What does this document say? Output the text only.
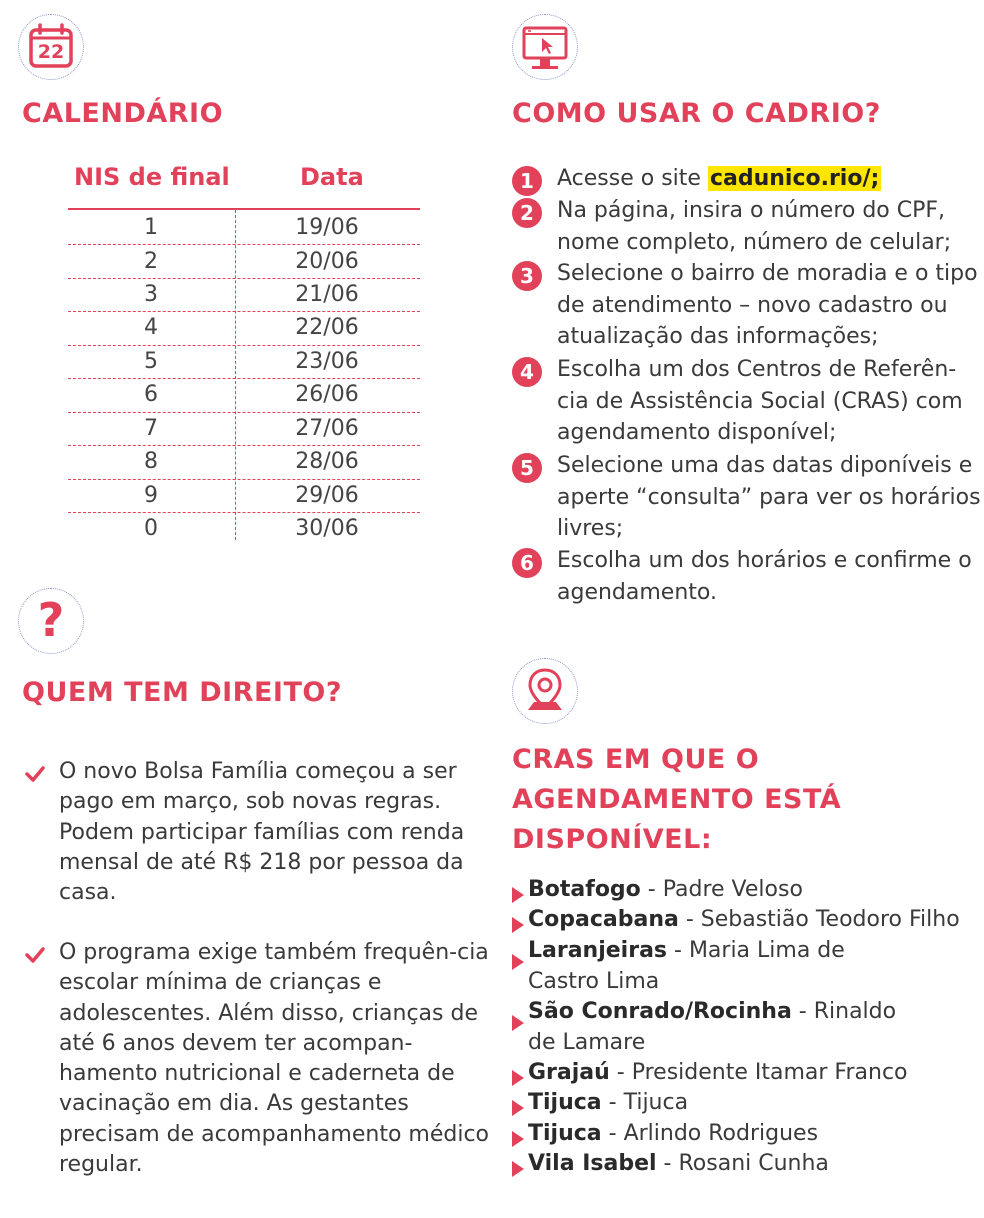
22
CALENDÁRIO
NIS de final	Data
1	19/06
2	20/06
3	21/06
4	22/06
5	23/06
6	26/06
7	27/06
8	28/06
9	29/06
0	30/06
COMO USAR O CADRIO?
1	Acesse o site cadunico.rio/;
2	Na página, insira o número do CPF, nome completo, número de celular;
3	Selecione o bairro de moradia e o tipo de atendimento – novo cadastro ou atualização das informações;
4	Escolha um dos Centros de Referên-cia de Assistência Social (CRAS) com agendamento disponível;
5	Selecione uma das datas diponíveis e aperte “consulta” para ver os horários livres;
6	Escolha um dos horários e confirme o agendamento.
?
QUEM TEM DIREITO?
O novo Bolsa Família começou a ser pago em março, sob novas regras. Podem participar famílias com renda mensal de até R$ 218 por pessoa da casa.
O programa exige também frequên-cia escolar mínima de crianças e adolescentes. Além disso, crianças de até 6 anos devem ter acompan-hamento nutricional e caderneta de vacinação em dia. As gestantes precisam de acompanhamento médico regular.
CRAS EM QUE O
AGENDAMENTO ESTÁ
DISPONÍVEL:
Botafogo - Padre Veloso
Copacabana - Sebastião Teodoro Filho
Laranjeiras - Maria Lima de Castro Lima
São Conrado/Rocinha - Rinaldo de Lamare
Grajaú - Presidente Itamar Franco
Tijuca - Tijuca
Tijuca - Arlindo Rodrigues
Vila Isabel - Rosani Cunha
